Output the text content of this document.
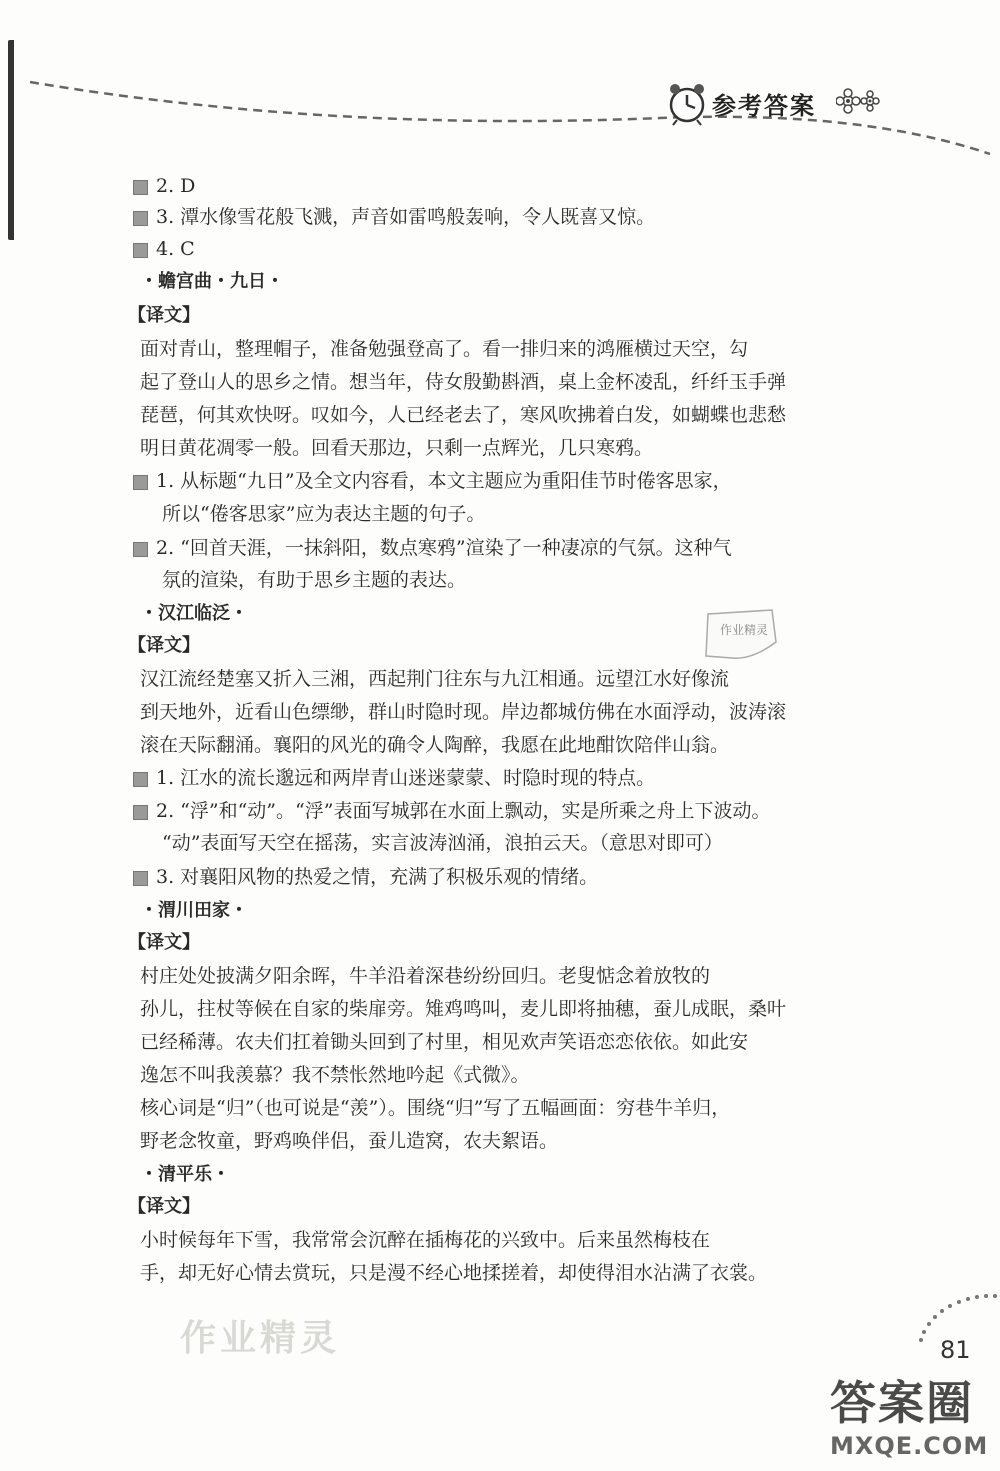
参考答案
2. D
3. 潭水像雪花般飞溅，声音如雷鸣般轰响，令人既喜又惊。
4. C
・蟾宫曲・九日・
【译文】
面对青山，整理帽子，准备勉强登高了。看一排归来的鸿雁横过天空，勾
起了登山人的思乡之情。想当年，侍女殷勤斟酒，桌上金杯凌乱，纤纤玉手弹
琵琶，何其欢快呀。叹如今，人已经老去了，寒风吹拂着白发，如蝴蝶也悲愁
明日黄花凋零一般。回看天那边，只剩一点辉光，几只寒鸦。
1. 从标题“九日”及全文内容看，本文主题应为重阳佳节时倦客思家，
所以“倦客思家”应为表达主题的句子。
2. “回首天涯，一抹斜阳，数点寒鸦”渲染了一种凄凉的气氛。这种气
氛的渲染，有助于思乡主题的表达。
・汉江临泛・
【译文】
汉江流经楚塞又折入三湘，西起荆门往东与九江相通。远望江水好像流
到天地外，近看山色缥缈，群山时隐时现。岸边都城仿佛在水面浮动，波涛滚
滚在天际翻涌。襄阳的风光的确令人陶醉，我愿在此地酣饮陪伴山翁。
1. 江水的流长邈远和两岸青山迷迷蒙蒙、时隐时现的特点。
2. “浮”和“动”。“浮”表面写城郭在水面上飘动，实是所乘之舟上下波动。
“动”表面写天空在摇荡，实言波涛汹涌，浪拍云天。（意思对即可）
3. 对襄阳风物的热爱之情，充满了积极乐观的情绪。
・渭川田家・
【译文】
村庄处处披满夕阳余晖，牛羊沿着深巷纷纷回归。老叟惦念着放牧的
孙儿，拄杖等候在自家的柴扉旁。雉鸡鸣叫，麦儿即将抽穗，蚕儿成眠，桑叶
已经稀薄。农夫们扛着锄头回到了村里，相见欢声笑语恋恋依依。如此安
逸怎不叫我羡慕？我不禁怅然地吟起《式微》。
核心词是“归”（也可说是“羡”）。围绕“归”写了五幅画面：穷巷牛羊归，
野老念牧童，野鸡唤伴侣，蚕儿造窝，农夫絮语。
・清平乐・
【译文】
小时候每年下雪，我常常会沉醉在插梅花的兴致中。后来虽然梅枝在
手，却无好心情去赏玩，只是漫不经心地揉搓着，却使得泪水沾满了衣裳。
作业精灵
作业精灵	81
答案圈
MXQE.COM
